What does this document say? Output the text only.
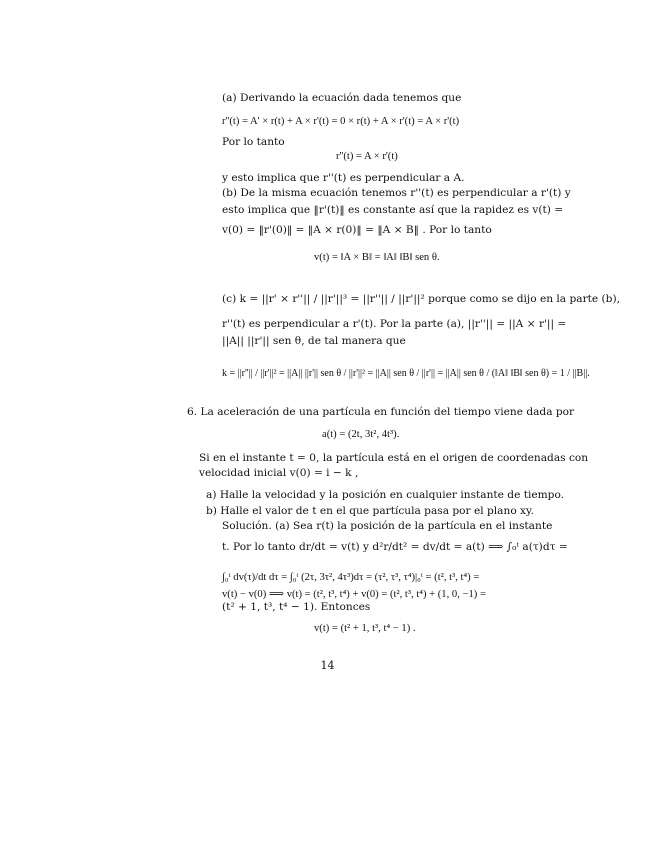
(a) Derivando la ecuación dada tenemos que
r''(t) = A' × r(t) + A × r'(t) = 0 × r(t) + A × r'(t) = A × r'(t)
Por lo tanto
r''(t) = A × r'(t)
y esto implica que r''(t) es perpendicular a A.
(b) De la misma ecuación tenemos r''(t) es perpendicular a r'(t) y
esto implica que ‖r'(t)‖ es constante así que la rapidez es v(t) =
v(0) = ‖r'(0)‖ = ‖A × r(0)‖ = ‖A × B‖ . Por lo tanto
v(t) = ‖A × B‖ = ‖A‖ ‖B‖ sen θ.
(c) k = ||r' × r''|| / ||r'||³ = ||r''|| / ||r'||² porque como se dijo en la parte (b),
r''(t) es perpendicular a r'(t). Por la parte (a), ||r''|| = ||A × r'|| =
||A|| ||r'|| sen θ, de tal manera que
k = ||r''|| / ||r'||² = ||A|| ||r'|| sen θ / ||r'||² = ||A|| sen θ / ||r'|| = ||A|| sen θ / (‖A‖ ‖B‖ sen θ) = 1 / ||B||.
6. La aceleración de una partícula en función del tiempo viene dada por
a(t) = (2t, 3t², 4t³).
Si en el instante t = 0, la partícula está en el origen de coordenadas con
velocidad inicial v(0) = i − k ,
a) Halle la velocidad y la posición en cualquier instante de tiempo.
b) Halle el valor de t en el que partícula pasa por el plano xy.
Solución. (a) Sea r(t) la posición de la partícula en el instante
t. Por lo tanto dr/dt = v(t) y d²r/dt² = dv/dt = a(t) ⟹ ∫₀ᵗ a(τ)dτ =
∫₀ᵗ dv(τ)/dt dτ = ∫₀ᵗ (2τ, 3τ², 4τ³)dτ = (τ², τ³, τ⁴)|₀ᵗ = (t², t³, t⁴) =
v(t) − v(0) ⟹ v(t) = (t², t³, t⁴) + v(0) = (t², t³, t⁴) + (1, 0, −1) =
(t² + 1, t³, t⁴ − 1). Entonces
v(t) = (t² + 1, t³, t⁴ − 1) .
14
